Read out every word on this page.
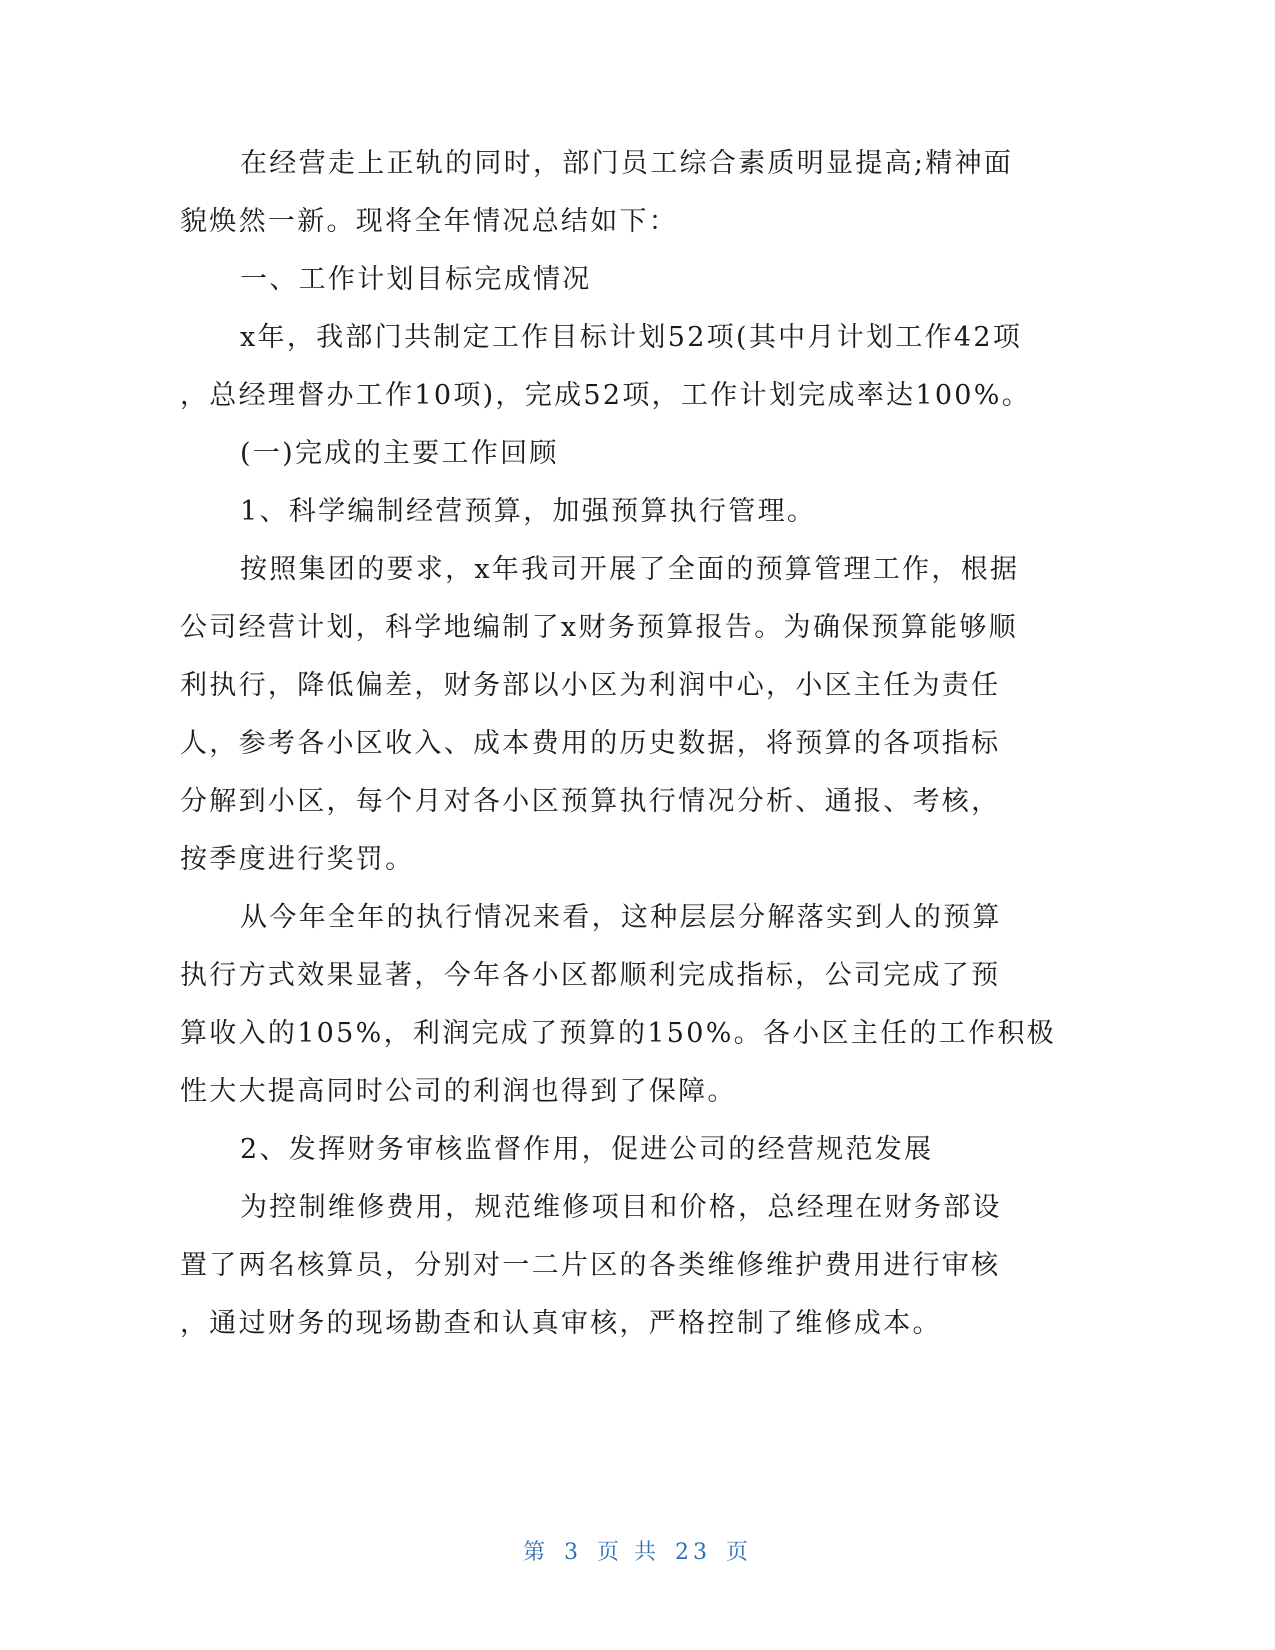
在经营走上正轨的同时，部门员工综合素质明显提高;精神面
貌焕然一新。现将全年情况总结如下：
一、工作计划目标完成情况
x年，我部门共制定工作目标计划52项(其中月计划工作42项
，总经理督办工作10项)，完成52项，工作计划完成率达100%。
(一)完成的主要工作回顾
1、科学编制经营预算，加强预算执行管理。
按照集团的要求，x年我司开展了全面的预算管理工作，根据
公司经营计划，科学地编制了x财务预算报告。为确保预算能够顺
利执行，降低偏差，财务部以小区为利润中心，小区主任为责任
人，参考各小区收入、成本费用的历史数据，将预算的各项指标
分解到小区，每个月对各小区预算执行情况分析、通报、考核，
按季度进行奖罚。
从今年全年的执行情况来看，这种层层分解落实到人的预算
执行方式效果显著，今年各小区都顺利完成指标，公司完成了预
算收入的105%，利润完成了预算的150%。各小区主任的工作积极
性大大提高同时公司的利润也得到了保障。
2、发挥财务审核监督作用，促进公司的经营规范发展
为控制维修费用，规范维修项目和价格，总经理在财务部设
置了两名核算员，分别对一二片区的各类维修维护费用进行审核
，通过财务的现场勘查和认真审核，严格控制了维修成本。
第 3 页 共 23 页
